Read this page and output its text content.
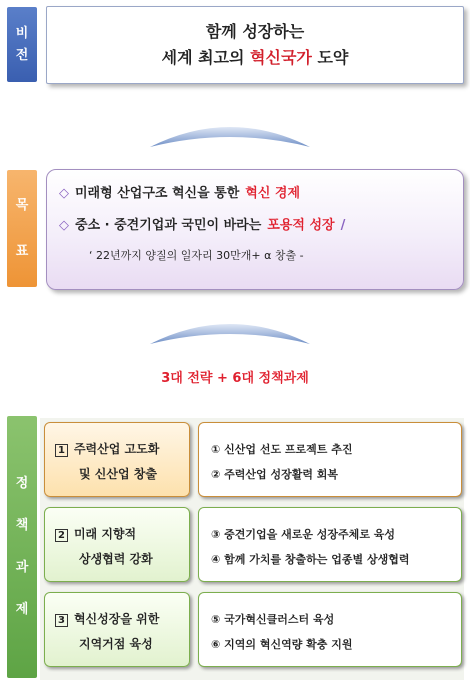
비
전
함께 성장하는
세계 최고의 혁신국가 도약
목
표
◇ 미래형 산업구조 혁신을 통한 혁신 경제
◇ 중소 · 중견기업과 국민이 바라는 포용적 성장 /
‘ 22년까지 양질의 일자리 30만개+ α 창출 -
3대 전략 + 6대 정책과제
정
책
과
제
1 주력산업 고도화
및 신산업 창출
① 신산업 선도 프로젝트 추진
② 주력산업 성장활력 회복
2 미래 지향적
상생협력 강화
③ 중견기업을 새로운 성장주체로 육성
④ 함께 가치를 창출하는 업종별 상생협력
3 혁신성장을 위한
지역거점 육성
⑤ 국가혁신클러스터 육성
⑥ 지역의 혁신역량 확충 지원
